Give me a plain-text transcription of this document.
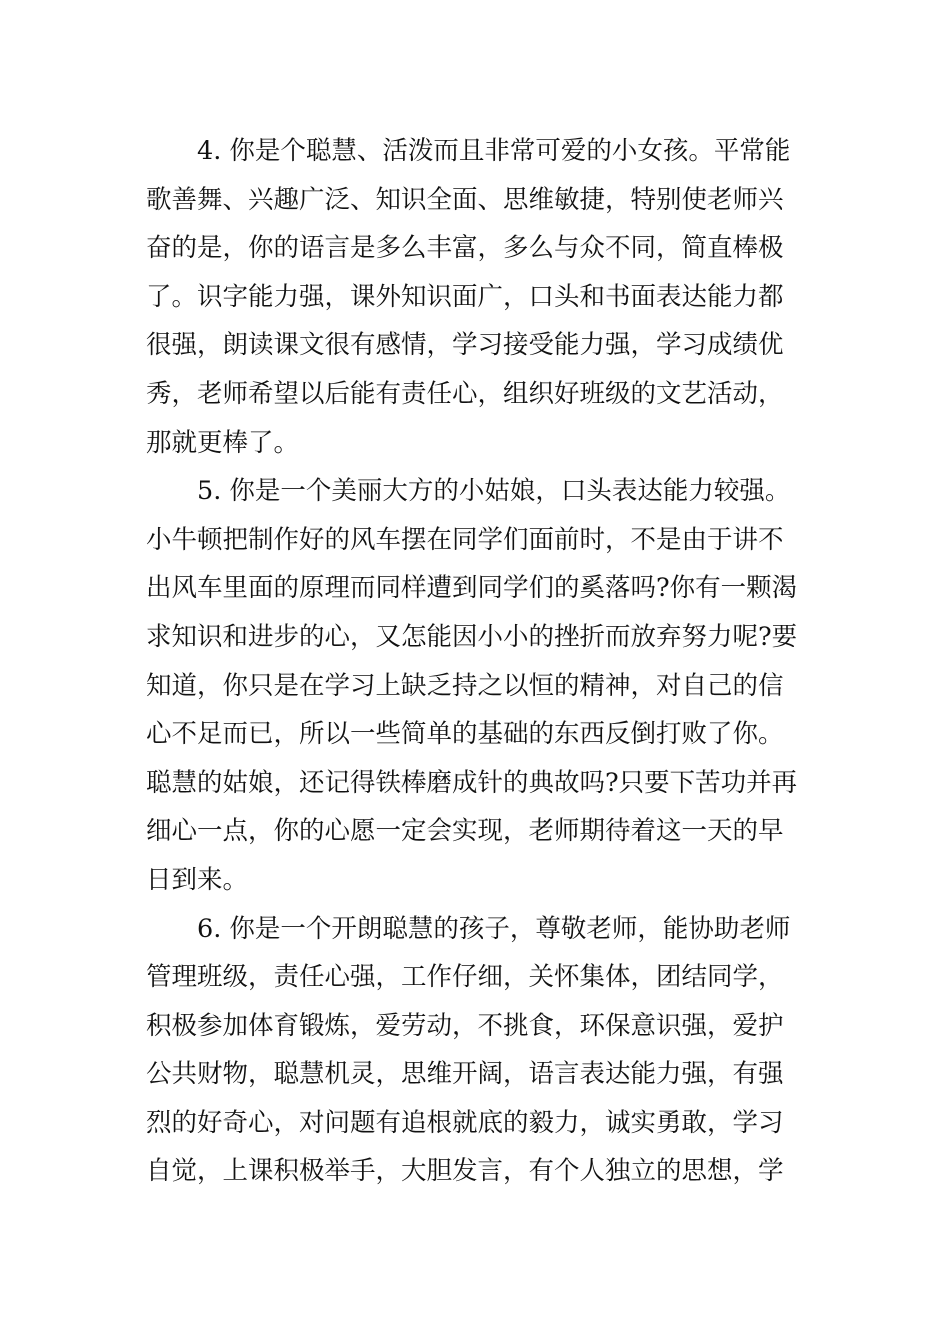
4. 你是个聪慧、活泼而且非常可爱的小女孩。平常能
歌善舞、兴趣广泛、知识全面、思维敏捷，特别使老师兴
奋的是，你的语言是多么丰富，多么与众不同，简直棒极
了。识字能力强，课外知识面广，口头和书面表达能力都
很强，朗读课文很有感情，学习接受能力强，学习成绩优
秀，老师希望以后能有责任心，组织好班级的文艺活动，
那就更棒了。
5. 你是一个美丽大方的小姑娘，口头表达能力较强。
小牛顿把制作好的风车摆在同学们面前时，不是由于讲不
出风车里面的原理而同样遭到同学们的奚落吗?你有一颗渴
求知识和进步的心，又怎能因小小的挫折而放弃努力呢?要
知道，你只是在学习上缺乏持之以恒的精神，对自己的信
心不足而已，所以一些简单的基础的东西反倒打败了你。
聪慧的姑娘，还记得铁棒磨成针的典故吗?只要下苦功并再
细心一点，你的心愿一定会实现，老师期待着这一天的早
日到来。
6. 你是一个开朗聪慧的孩子，尊敬老师，能协助老师
管理班级，责任心强，工作仔细，关怀集体，团结同学，
积极参加体育锻炼，爱劳动，不挑食，环保意识强，爱护
公共财物，聪慧机灵，思维开阔，语言表达能力强，有强
烈的好奇心，对问题有追根就底的毅力，诚实勇敢，学习
自觉，上课积极举手，大胆发言，有个人独立的思想，学
